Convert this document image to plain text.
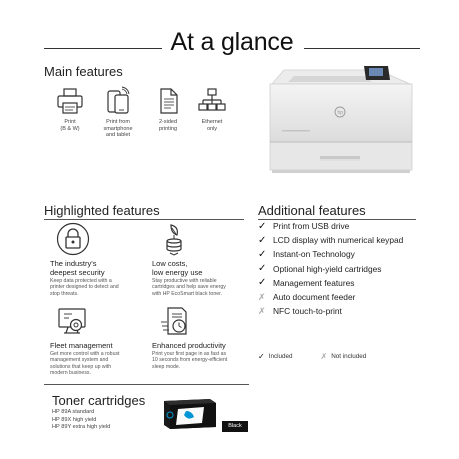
At a glance
Main features
Print
(B & W)
Print from
smartphone
and tablet
2-sided
printing
Ethernet
only
hp
Highlighted features
The industry's
deepest security
Keep data protected with a
printer designed to detect and
stop threats.
Low costs,
low energy use
Stay productive with reliable
cartridges and help save energy
with HP EcoSmart black toner.
Fleet management
Get more control with a robust
management system and
solutions that keep up with
modern business.
Enhanced productivity
Print your first page in as fast as
10 seconds from energy-efficient
sleep mode.
Additional features
✓ Print from USB drive
✓ LCD display with numerical keypad
✓ Instant-on Technology
✓ Optional high-yield cartridges
✓ Management features
✗ Auto document feeder
✗ NFC touch-to-print
✓ Included	✗ Not included
Toner cartridges
HP 89A standard
HP 89X high yield
HP 89Y extra high yield	Black
